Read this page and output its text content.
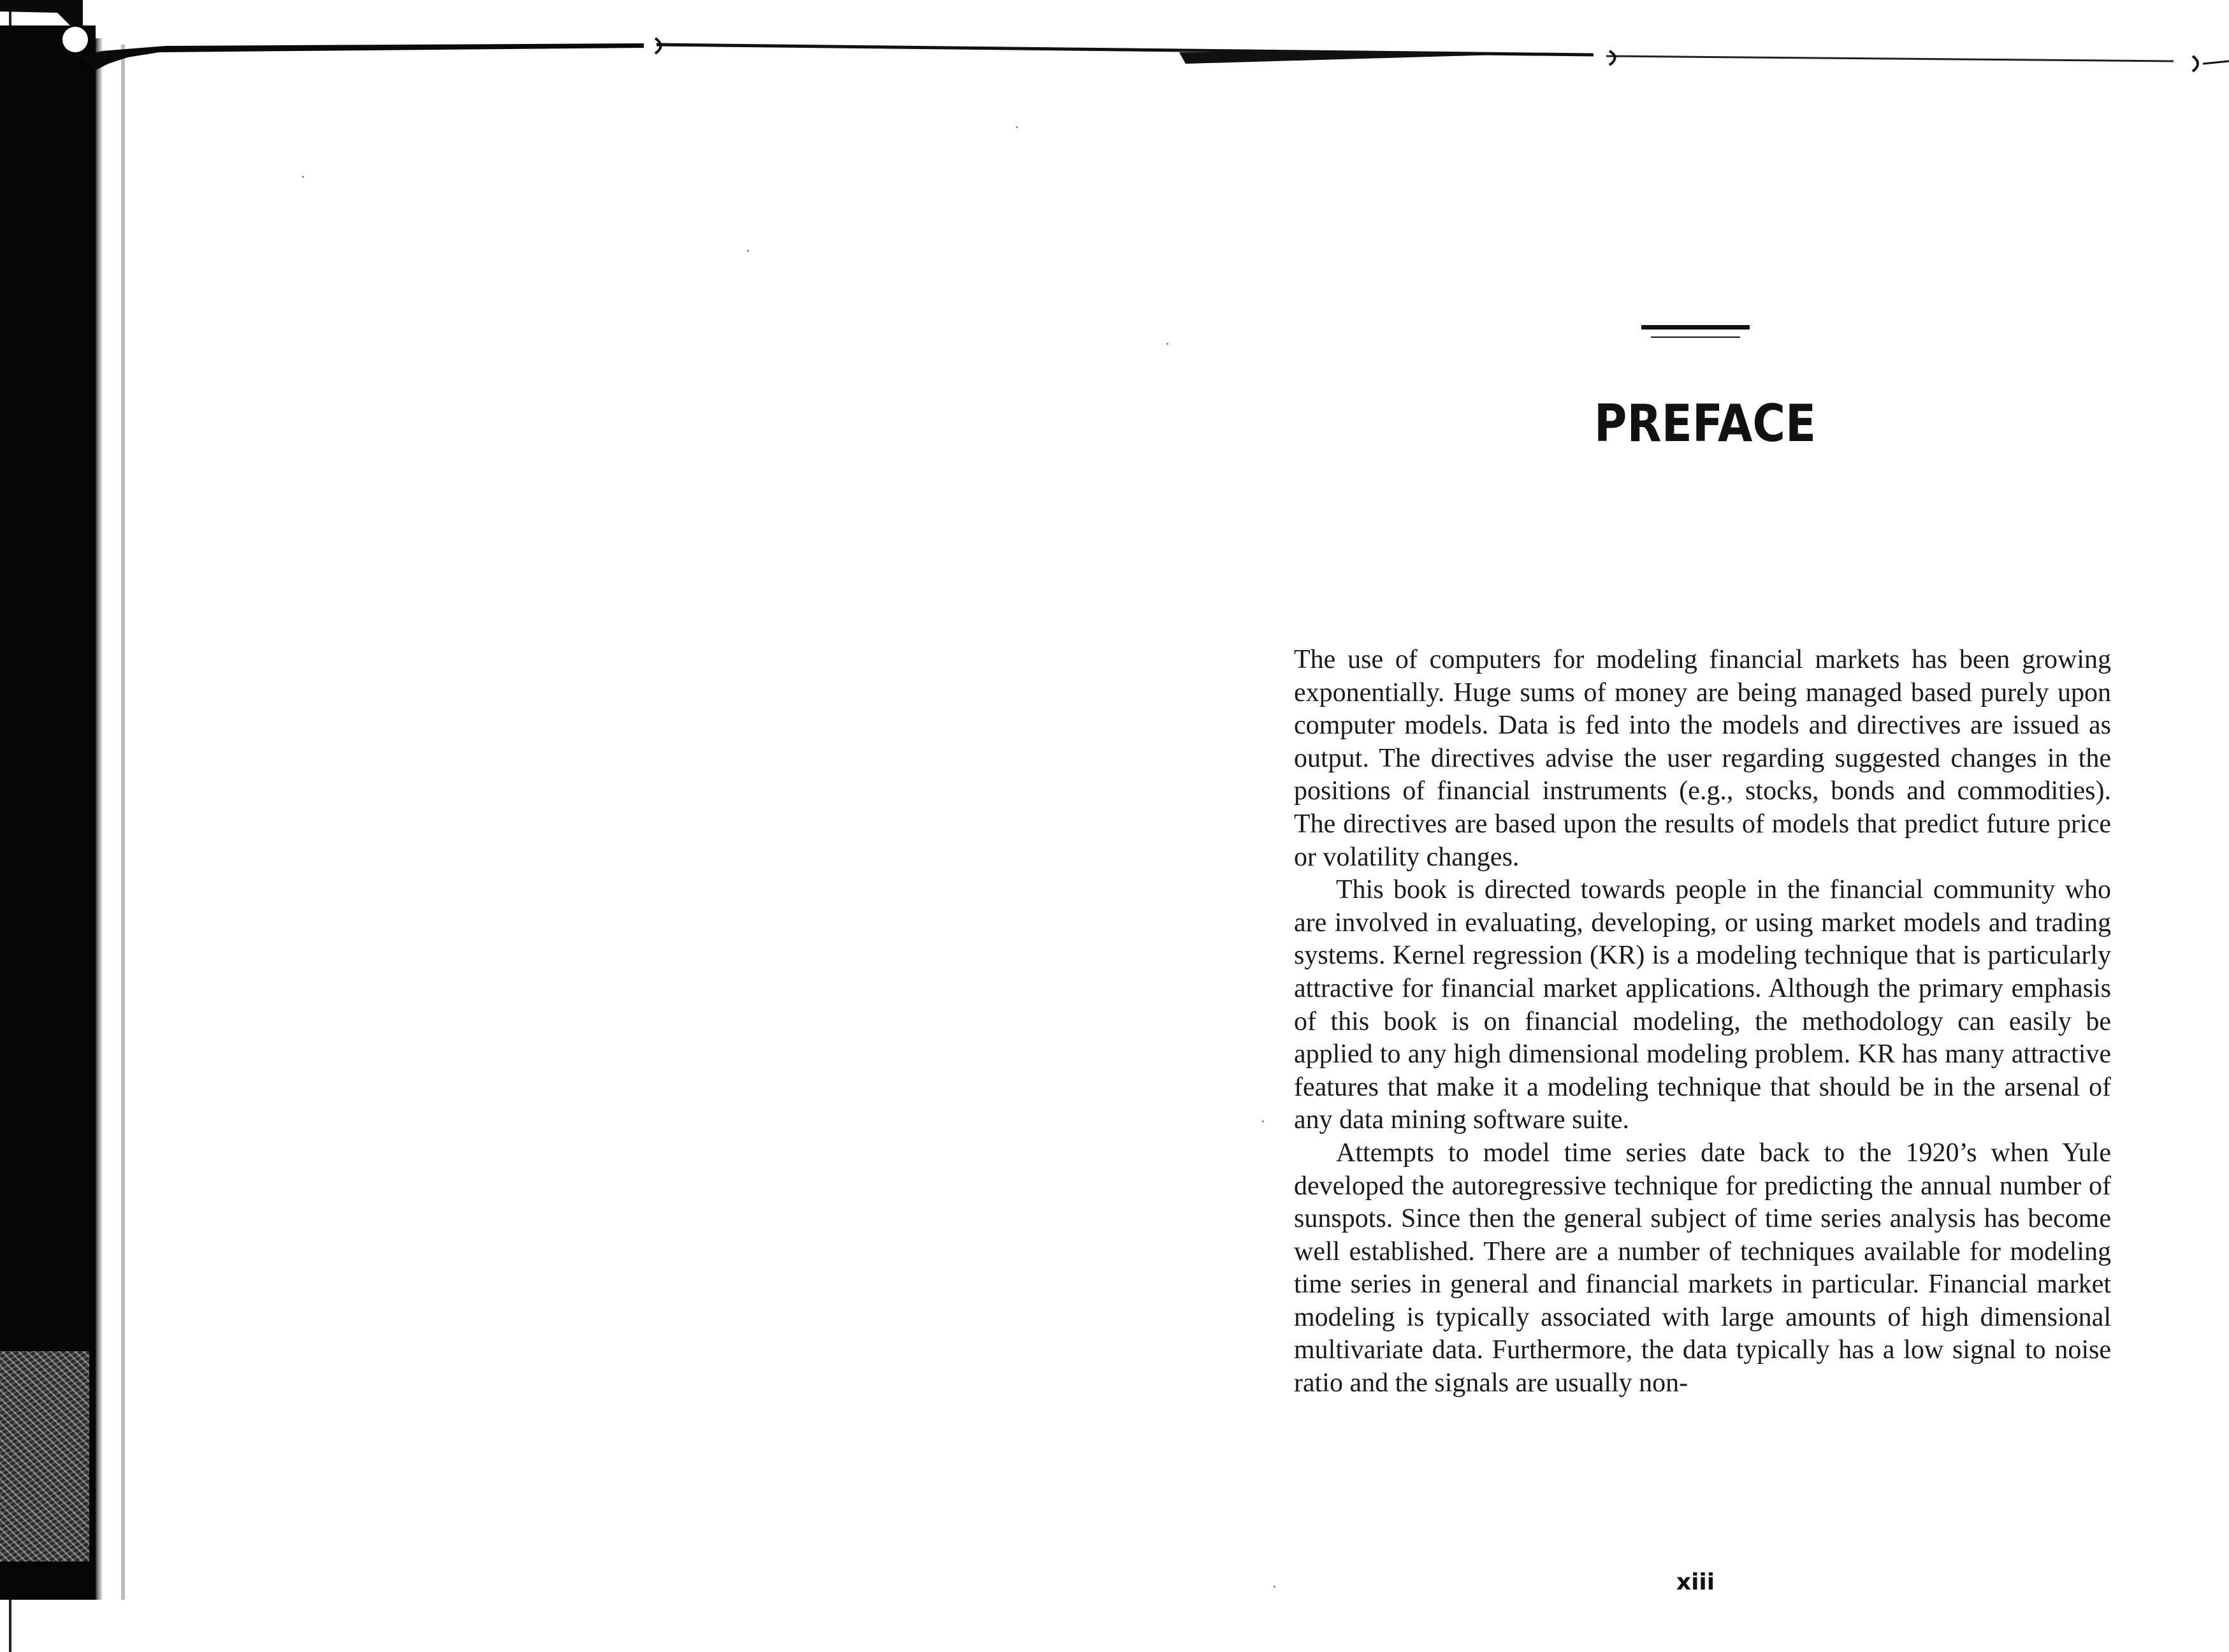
PREFACE

The use of computers for modeling financial markets has been growing exponentially. Huge sums of money are being managed based purely upon computer models. Data is fed into the models and directives are issued as output. The directives advise the user regarding suggested changes in the positions of financial instruments (e.g., stocks, bonds and commodities). The directives are based upon the results of models that predict future price or volatility changes.

This book is directed towards people in the financial community who are involved in evaluating, developing, or using market models and trading systems. Kernel regression (KR) is a modeling technique that is particularly attractive for financial market applications. Although the primary emphasis of this book is on financial modeling, the methodology can easily be applied to any high dimensional modeling problem. KR has many attractive features that make it a modeling technique that should be in the arsenal of any data mining software suite.

Attempts to model time series date back to the 1920’s when Yule developed the autoregressive technique for predicting the annual number of sunspots. Since then the general subject of time series analysis has become well established. There are a number of techniques available for modeling time series in general and financial markets in particular. Financial market modeling is typically associated with large amounts of high dimensional multivariate data. Furthermore, the data typically has a low signal to noise ratio and the signals are usually non-

xiii
